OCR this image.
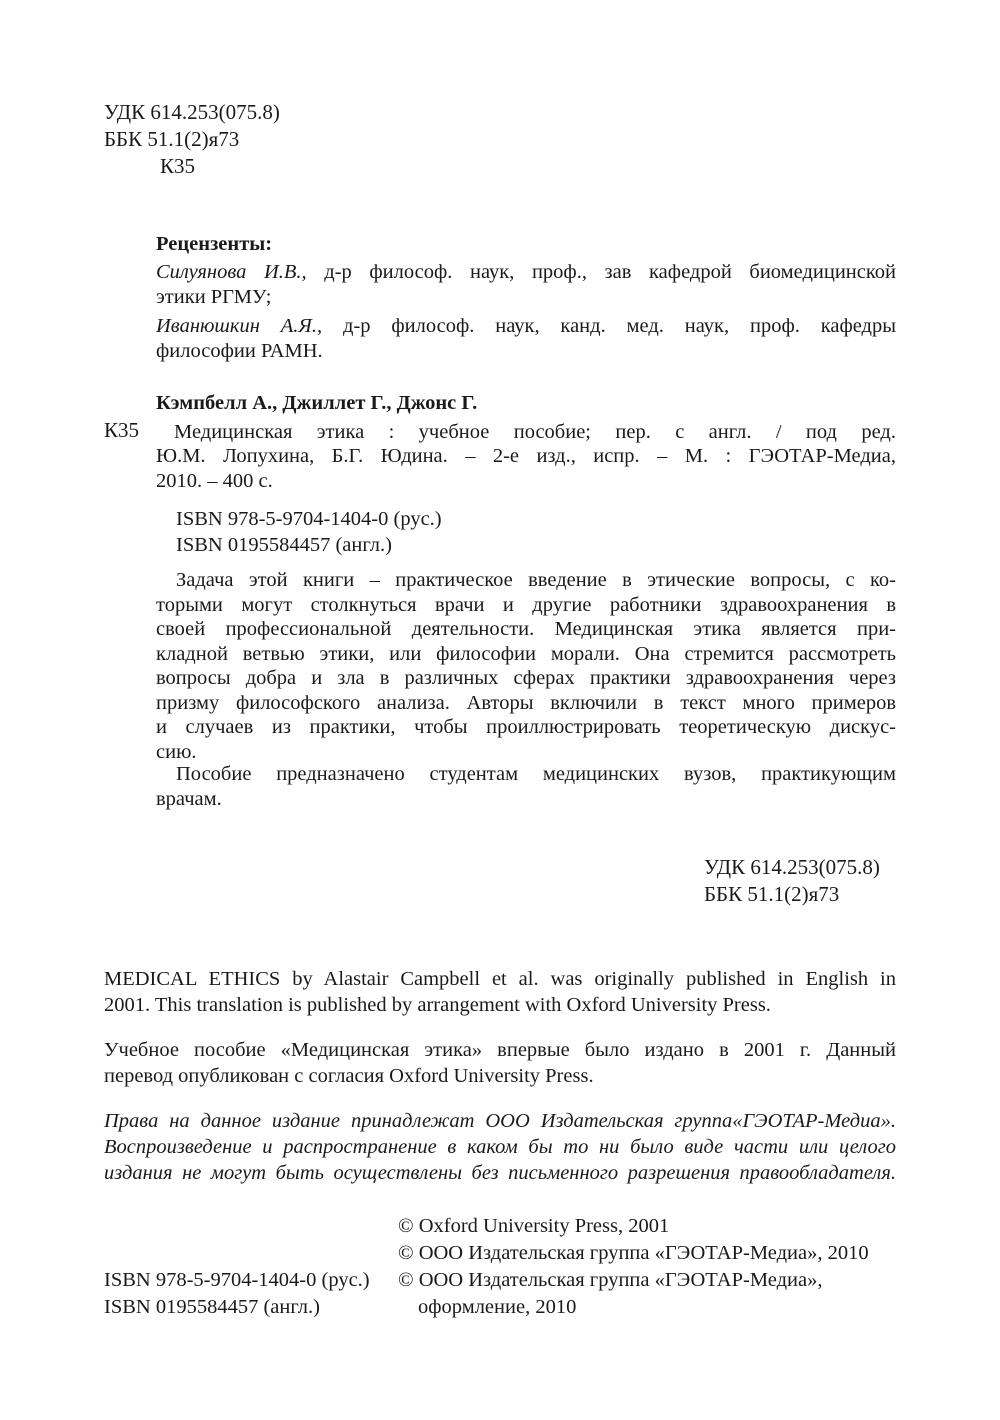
УДК 614.253(075.8)
ББК 51.1(2)я73
К35
Рецензенты:
Силуянова И.В., д-р философ. наук, проф., зав кафедрой биомедицинской
этики РГМУ;
Иванюшкин А.Я., д-р философ. наук, канд. мед. наук, проф. кафедры
философии РАМН.
Кэмпбелл А., Джиллет Г., Джонс Г.
К35 Медицинская этика : учебное пособие; пер. с англ. / под ред.
Ю.М. Лопухина, Б.Г. Юдина. – 2-е изд., испр. – М. : ГЭОТАР-Медиа,
2010. – 400 с.
ISBN 978-5-9704-1404-0 (рус.)
ISBN 0195584457 (англ.)
Задача этой книги – практическое введение в этические вопросы, с ко-
торыми могут столкнуться врачи и другие работники здравоохранения в
своей профессиональной деятельности. Медицинская этика является при-
кладной ветвью этики, или философии морали. Она стремится рассмотреть
вопросы добра и зла в различных сферах практики здравоохранения через
призму философского анализа. Авторы включили в текст много примеров
и случаев из практики, чтобы проиллюстрировать теоретическую дискус-
сию.
Пособие предназначено студентам медицинских вузов, практикующим
врачам.
УДК 614.253(075.8)
ББК 51.1(2)я73
MEDICAL ETHICS by Alastair Campbell et al. was originally published in English in
2001. This translation is published by arrangement with Oxford University Press.
Учебное пособие «Медицинская этика» впервые было издано в 2001 г. Данный
перевод опубликован с согласия Oxford University Press.
Права на данное издание принадлежат ООО Издательская группа«ГЭОТАР-Медиа».
Воспроизведение и распространение в каком бы то ни было виде части или целого
издания не могут быть осуществлены без письменного разрешения правообладателя.
© Oxford University Press, 2001
© ООО Издательская группа «ГЭОТАР-Медиа», 2010
© ООО Издательская группа «ГЭОТАР-Медиа»,
оформление, 2010
ISBN 978-5-9704-1404-0 (рус.)
ISBN 0195584457 (англ.)
